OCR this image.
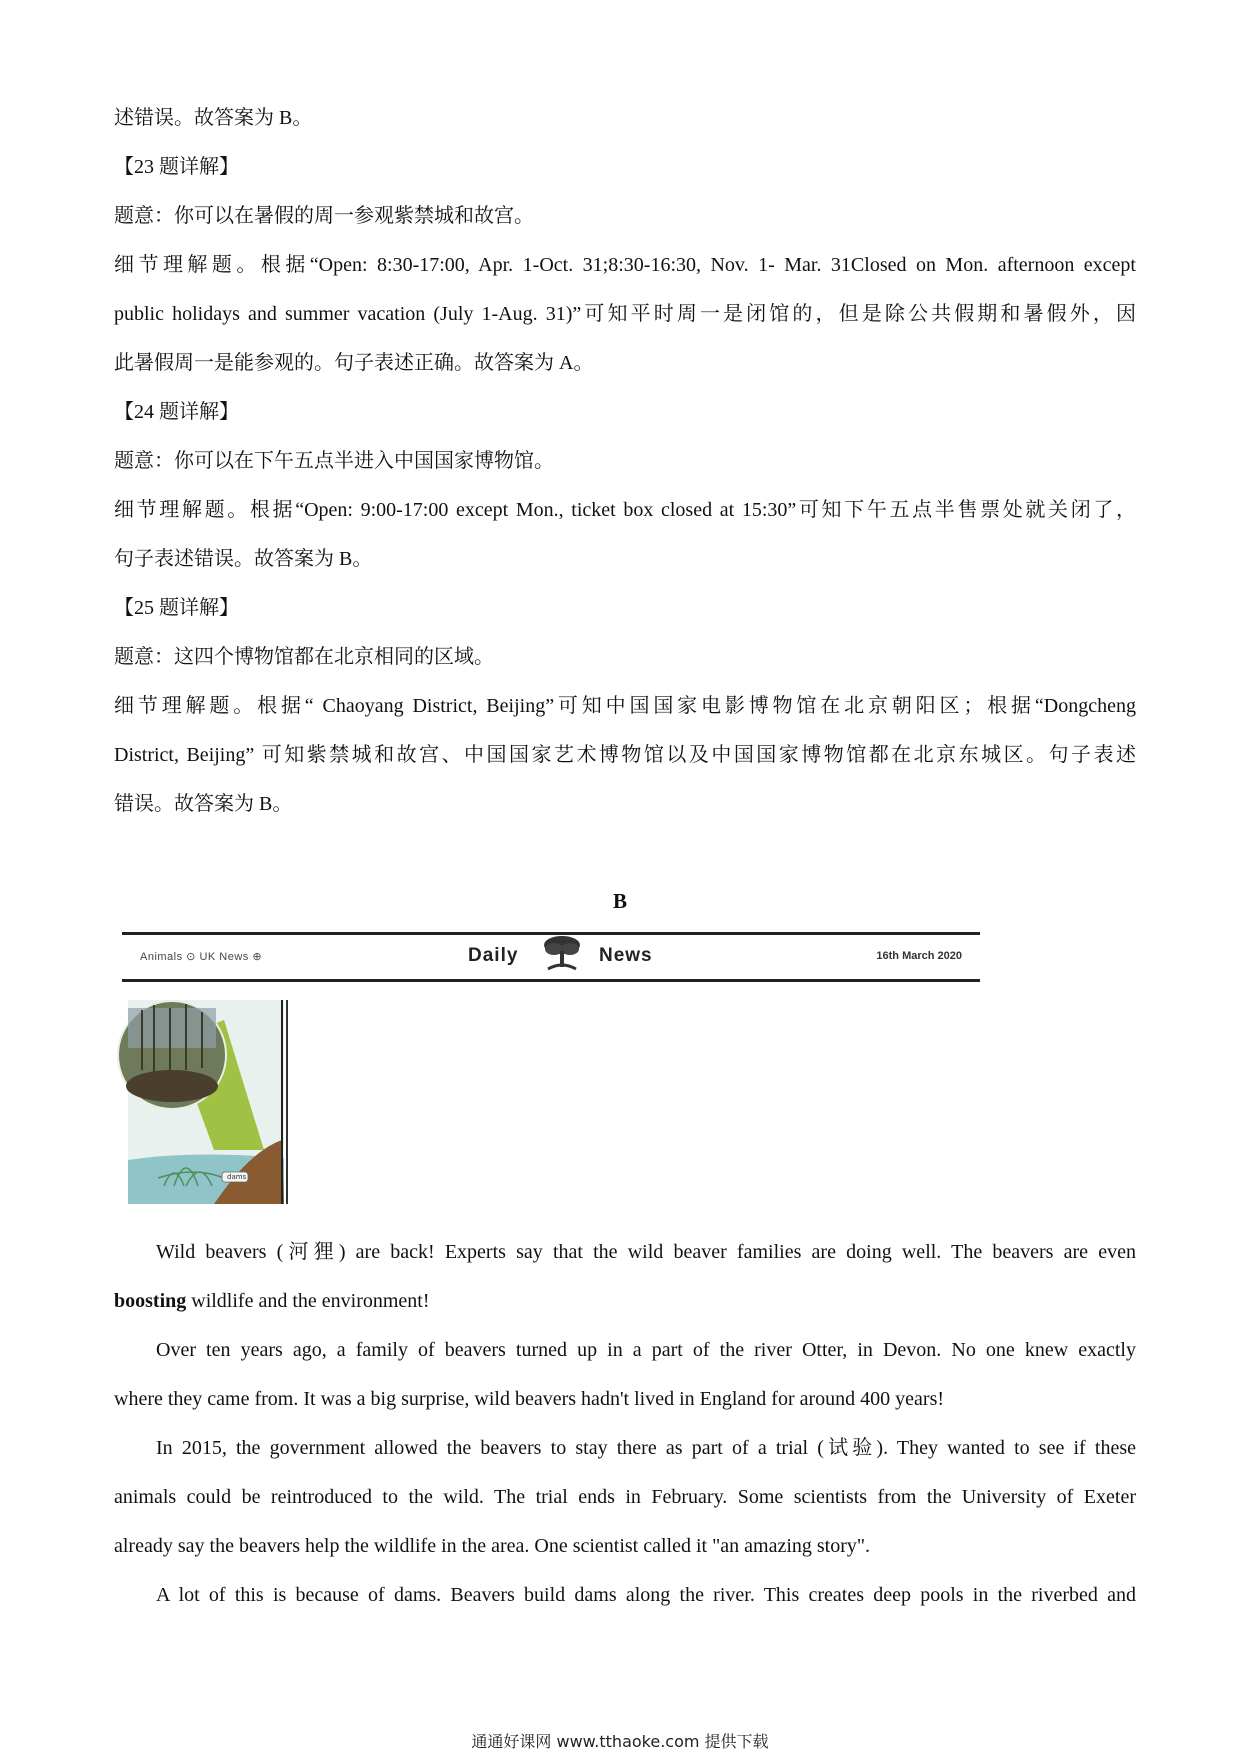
述错误。故答案为 B。
【23 题详解】
题意：你可以在暑假的周一参观紫禁城和故宫。
细节理解题。根据“Open: 8:30-17:00, Apr. 1-Oct. 31;8:30-16:30, Nov. 1- Mar. 31Closed on Mon. afternoon except
public holidays and summer vacation (July 1-Aug. 31)”可知平时周一是闭馆的，但是除公共假期和暑假外，因
此暑假周一是能参观的。句子表述正确。故答案为 A。
【24 题详解】
题意：你可以在下午五点半进入中国国家博物馆。
细节理解题。根据“Open: 9:00-17:00 except Mon., ticket box closed at 15:30”可知下午五点半售票处就关闭了，
句子表述错误。故答案为 B。
【25 题详解】
题意：这四个博物馆都在北京相同的区域。
细节理解题。根据“ Chaoyang District, Beijing”可知中国国家电影博物馆在北京朝阳区；根据“Dongcheng
District, Beijing” 可知紫禁城和故宫、中国国家艺术博物馆以及中国国家博物馆都在北京东城区。句子表述
错误。故答案为 B。
B
Animals ⊙ UK News ⊕	Daily	News	16th March 2020
dams
Wild beavers (河狸) are back! Experts say that the wild beaver families are doing well. The beavers are even
boosting wildlife and the environment!
Over ten years ago, a family of beavers turned up in a part of the river Otter, in Devon. No one knew exactly
where they came from. It was a big surprise, wild beavers hadn't lived in England for around 400 years!
In 2015, the government allowed the beavers to stay there as part of a trial (试验). They wanted to see if these
animals could be reintroduced to the wild. The trial ends in February. Some scientists from the University of Exeter
already say the beavers help the wildlife in the area. One scientist called it "an amazing story".
A lot of this is because of dams. Beavers build dams along the river. This creates deep pools in the riverbed and
通通好课网 www.tthaoke.com 提供下载
